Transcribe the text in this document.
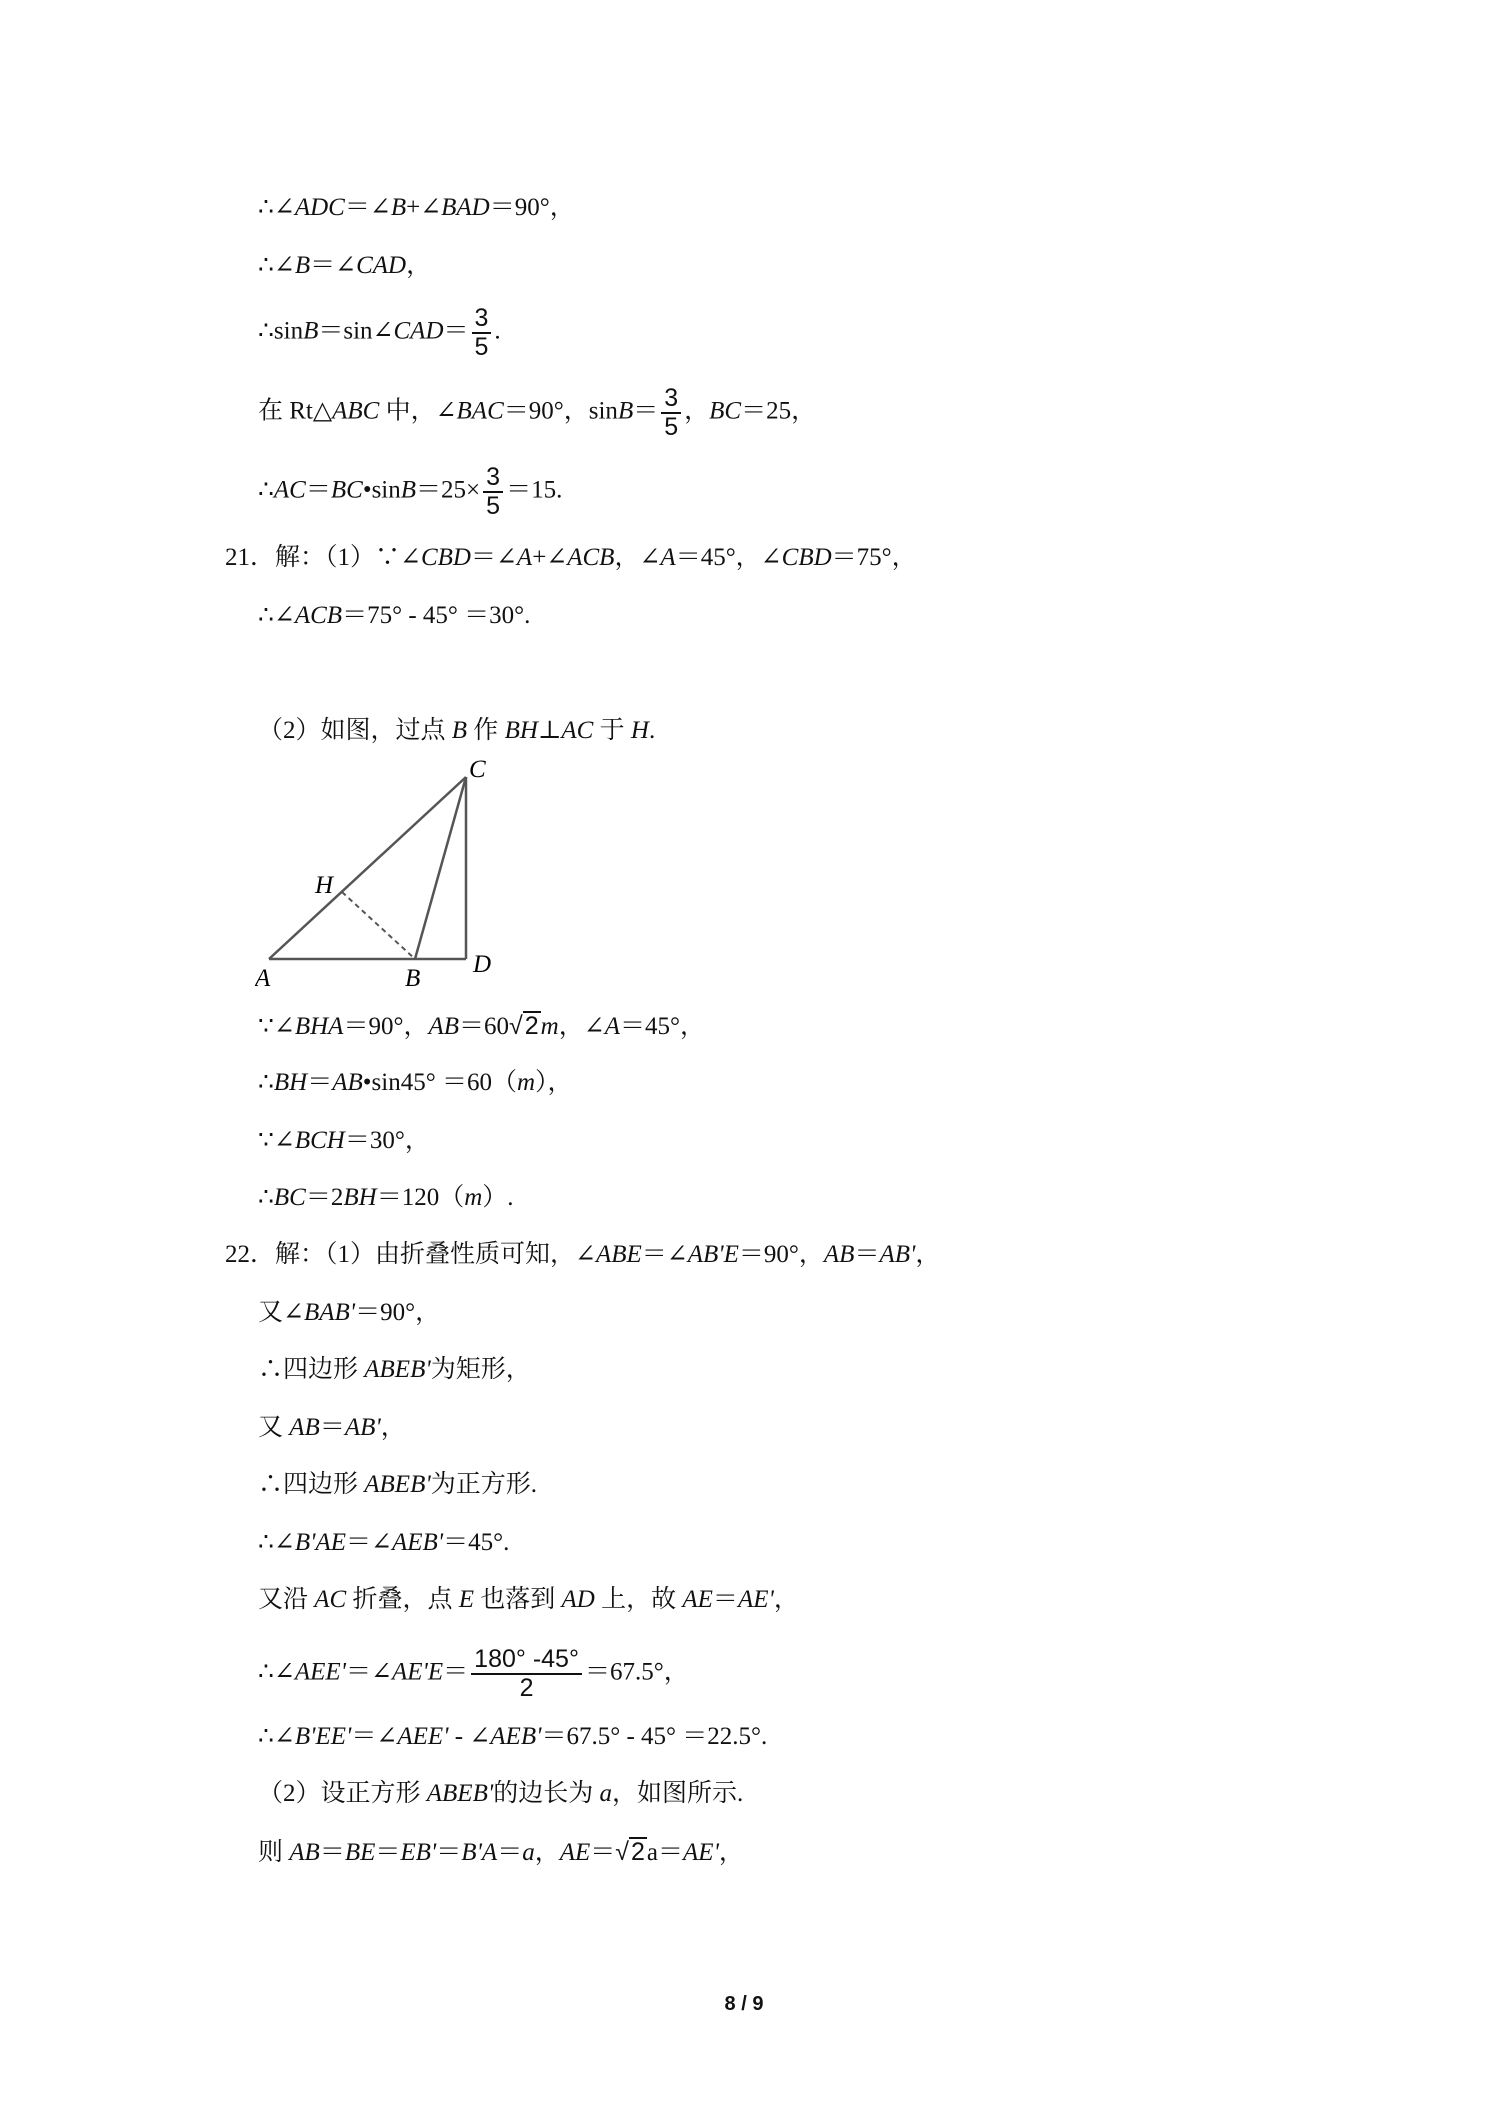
∴∠ADC＝∠B+∠BAD＝90°，
∴∠B＝∠CAD，
∴sinB＝sin∠CAD＝ $\frac{3}{5}$ .
在 Rt△ABC 中，∠BAC＝90°，$\sin B= \frac{3}{5}$ ，BC＝25，
∴AC＝BC•sinB＝25× $\frac{3}{5} =15$.
21．解：（1）∵∠CBD＝∠A+∠ACB，∠A＝45°，∠CBD＝75°，
∴∠ACB＝75° - 45° ＝30°.
（2）如图，过点 B 作 BH⊥AC 于 H.
C
H
A	B
D
∵∠BHA＝90°，AB＝60√2m，∠A＝45°，
∴BH＝AB•sin45° ＝60（m），
∵∠BCH＝30°，
∴BC＝2BH＝120（m）.
22．解：（1）由折叠性质可知，∠ABE＝∠AB'E＝90°，AB＝AB'，
又∠BAB'＝90°，
∴四边形 ABEB'为矩形，
又 AB＝AB'，
∴四边形 ABEB'为正方形.
∴∠B'AE＝∠AEB'＝45°.
又沿 AC 折叠，点 E 也落到 AD 上，故 AE＝AE'，
∴∠AEE'＝∠AE'E＝ $\frac{180^\circ -45^\circ}{2} =67.5^\circ$，
∴∠B'EE'＝∠AEE' - ∠AEB'＝67.5° - 45° ＝22.5°.
（2）设正方形 ABEB'的边长为 a，如图所示.
则 AB＝BE＝EB'＝B'A＝a，AE＝√2a＝AE'，
8 / 9
